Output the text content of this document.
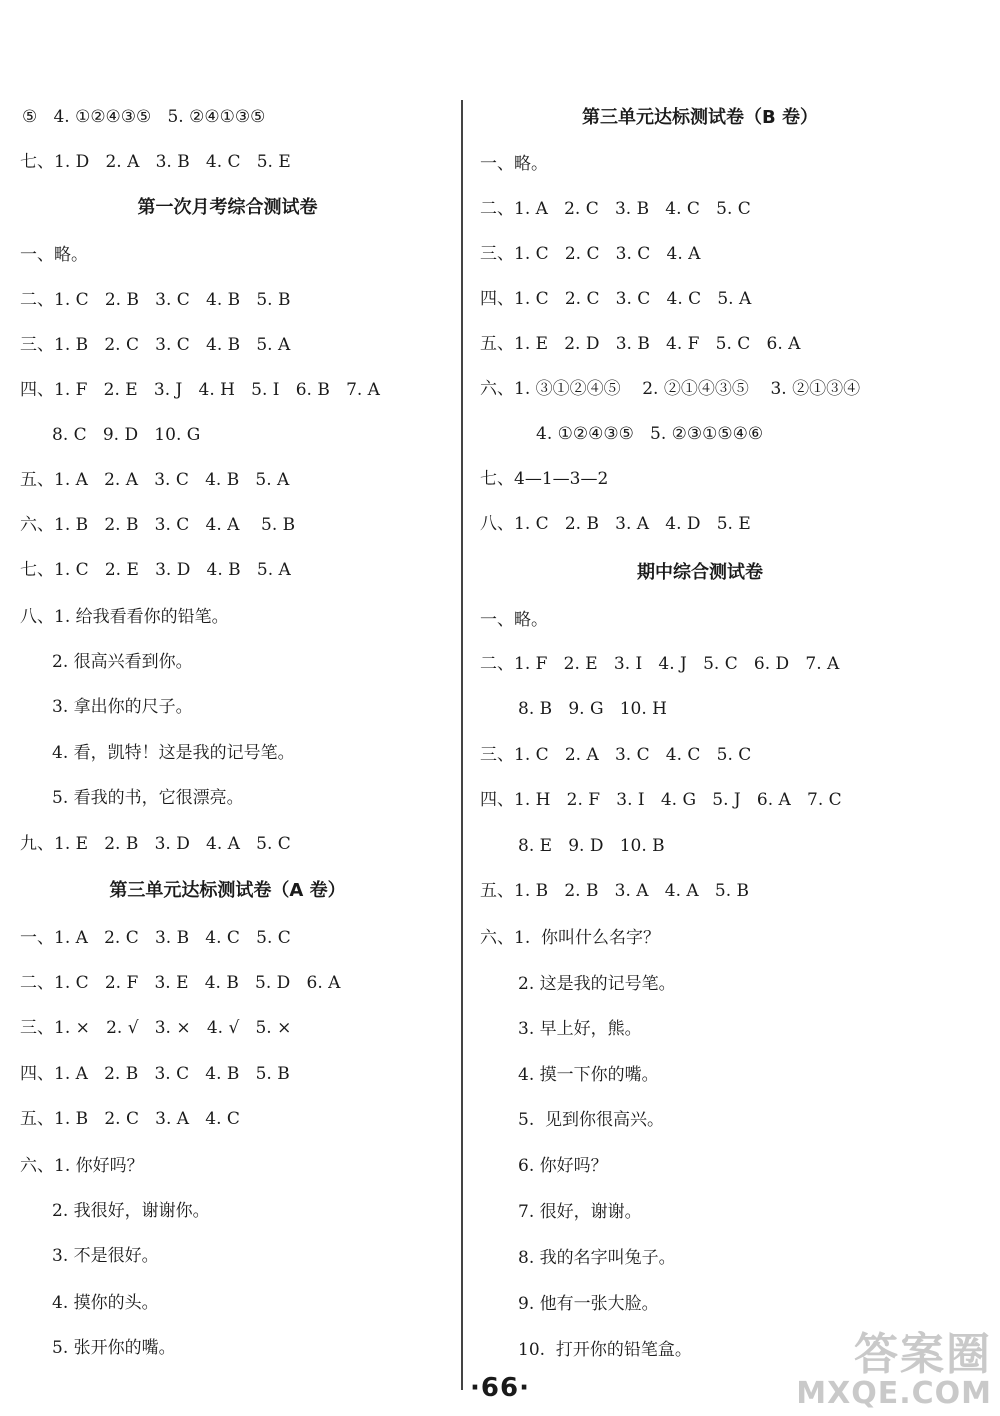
⑤   4. ①②④③⑤   5. ②④①③⑤
七、1. D   2. A   3. B   4. C   5. E
第一次月考综合测试卷
一、略。
二、1. C   2. B   3. C   4. B   5. B
三、1. B   2. C   3. C   4. B   5. A
四、1. F   2. E   3. J   4. H   5. I   6. B   7. A
8. C   9. D   10. G
五、1. A   2. A   3. C   4. B   5. A
六、1. B   2. B   3. C   4. A    5. B
七、1. C   2. E   3. D   4. B   5. A
八、1. 给我看看你的铅笔。
2. 很高兴看到你。
3. 拿出你的尺子。
4. 看，凯特！这是我的记号笔。
5. 看我的书，它很漂亮。
九、1. E   2. B   3. D   4. A   5. C
第三单元达标测试卷（A 卷）
一、1. A   2. C   3. B   4. C   5. C
二、1. C   2. F   3. E   4. B   5. D   6. A
三、1. ×   2. √   3. ×   4. √   5. ×
四、1. A   2. B   3. C   4. B   5. B
五、1. B   2. C   3. A   4. C
六、1. 你好吗？
2. 我很好，谢谢你。
3. 不是很好。
4. 摸你的头。
5. 张开你的嘴。
第三单元达标测试卷（B 卷）
一、略。
二、1. A   2. C   3. B   4. C   5. C
三、1. C   2. C   3. C   4. A
四、1. C   2. C   3. C   4. C   5. A
五、1. E   2. D   3. B   4. F   5. C   6. A
六、1. ③①②④⑤    2. ②①④③⑤    3. ②①③④
4. ①②④③⑤   5. ②③①⑤④⑥
七、4—1—3—2
八、1. C   2. B   3. A   4. D   5. E
期中综合测试卷
一、略。
二、1. F   2. E   3. I   4. J   5. C   6. D   7. A
8. B   9. G   10. H
三、1. C   2. A   3. C   4. C   5. C
四、1. H   2. F   3. I   4. G   5. J   6. A   7. C
8. E   9. D   10. B
五、1. B   2. B   3. A   4. A   5. B
六、1.  你叫什么名字？
2. 这是我的记号笔。
3. 早上好，熊。
4. 摸一下你的嘴。
5.  见到你很高兴。
6. 你好吗？
7. 很好，谢谢。
8. 我的名字叫兔子。
9. 他有一张大脸。
10.  打开你的铅笔盒。
·66·
答案圈
MXQE.COM
